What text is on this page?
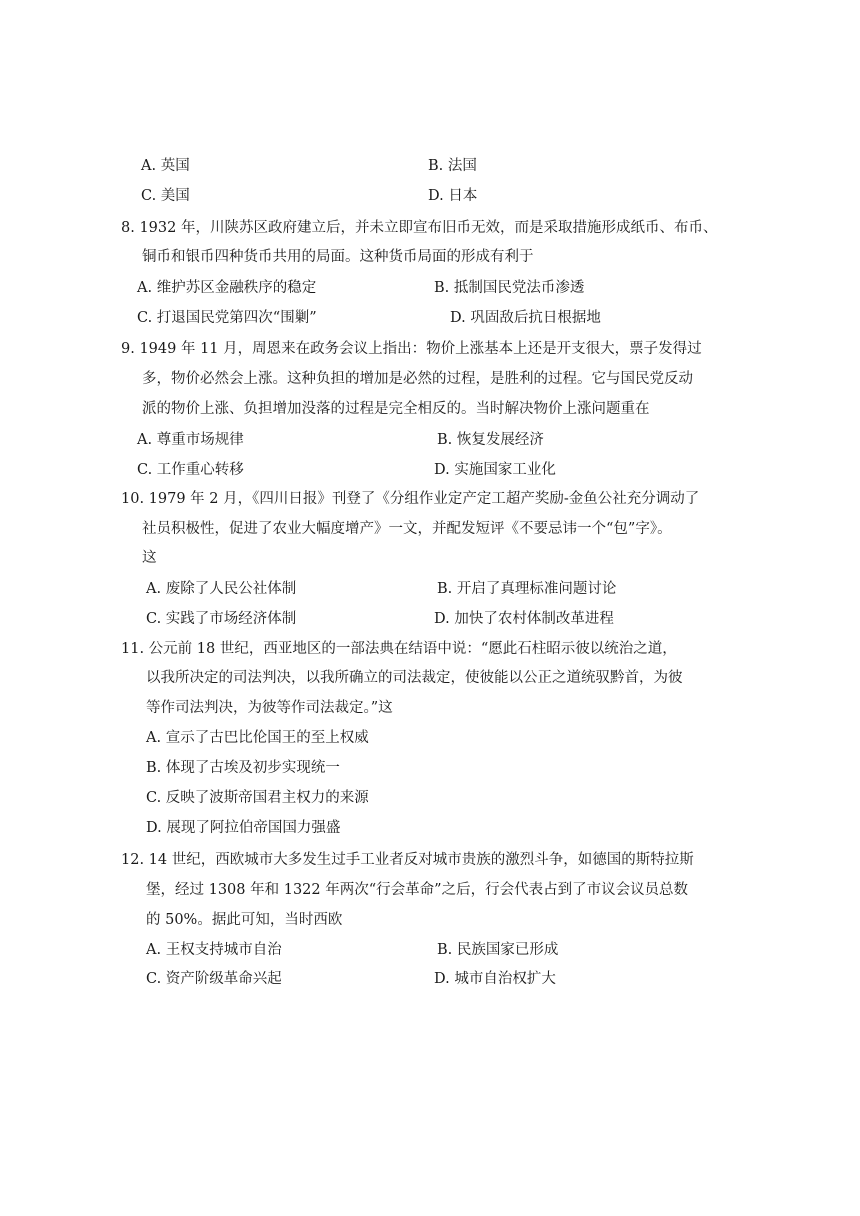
A. 英国	B. 法国
C. 美国	D. 日本
8. 1932 年，川陕苏区政府建立后，并未立即宣布旧币无效，而是采取措施形成纸币、布币、
铜币和银币四种货币共用的局面。这种货币局面的形成有利于
A. 维护苏区金融秩序的稳定	B. 抵制国民党法币渗透
C. 打退国民党第四次“围剿”	D. 巩固敌后抗日根据地
9. 1949 年 11 月，周恩来在政务会议上指出：物价上涨基本上还是开支很大，票子发得过
多，物价必然会上涨。这种负担的增加是必然的过程，是胜利的过程。它与国民党反动
派的物价上涨、负担增加没落的过程是完全相反的。当时解决物价上涨问题重在
A. 尊重市场规律	B. 恢复发展经济
C. 工作重心转移	D. 实施国家工业化
10. 1979 年 2 月，《四川日报》刊登了《分组作业定产定工超产奖励-金鱼公社充分调动了
社员积极性，促进了农业大幅度增产》一文，并配发短评《不要忌讳一个“包”字》。
这
A. 废除了人民公社体制	B. 开启了真理标准问题讨论
C. 实践了市场经济体制	D. 加快了农村体制改革进程
11. 公元前 18 世纪，西亚地区的一部法典在结语中说：“愿此石柱昭示彼以统治之道，
以我所决定的司法判决，以我所确立的司法裁定，使彼能以公正之道统驭黔首，为彼
等作司法判决，为彼等作司法裁定。”这
A. 宣示了古巴比伦国王的至上权威
B. 体现了古埃及初步实现统一
C. 反映了波斯帝国君主权力的来源
D. 展现了阿拉伯帝国国力强盛
12. 14 世纪，西欧城市大多发生过手工业者反对城市贵族的激烈斗争，如德国的斯特拉斯
堡，经过 1308 年和 1322 年两次“行会革命”之后，行会代表占到了市议会议员总数
的 50%。据此可知，当时西欧
A. 王权支持城市自治	B. 民族国家已形成
C. 资产阶级革命兴起	D. 城市自治权扩大
